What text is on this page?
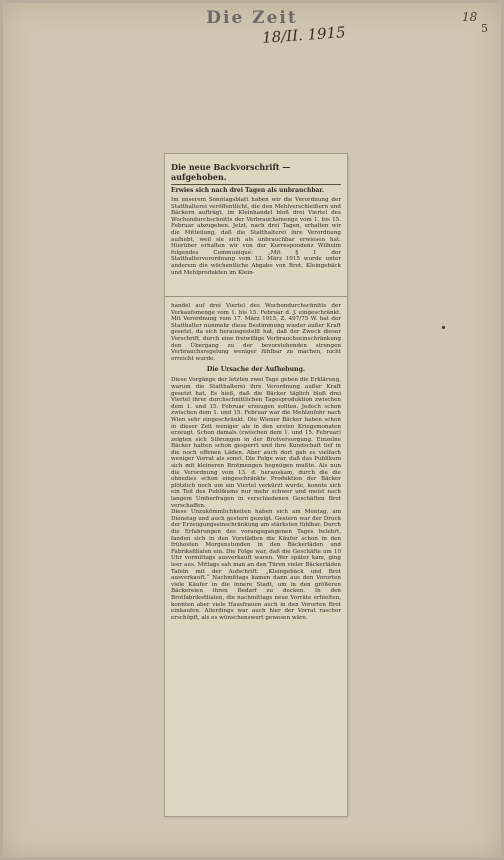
Die Zeit
18/II. 1915
18
5
Die neue Backvorschrift — aufgehoben.
Erwies sich nach drei Tagen als unbrauchbar.
Im unserem Sonntagsblatt haben wir die Verordnung der Statthalterei veröffentlicht, die den Mehlverschleißern und Bäckern aufträgt, im Kleinhandel bloß drei Viertel des Wochendurchschnitts der Verbrauchsmenge vom 1. bis 15. Februar abzugeben. Jetzt, nach drei Tagen, erhalten wir die Mitteilung, daß die Statthalterei ihre Verordnung aufhebt, weil sie sich als unbrauchbar erwiesen hat. Hierüber erhalten wir von der Korrespondenz Wilhelm folgendes Communiqué: „Mit § 1 der Statthalterverordnung vom 13. März 1915 wurde unter anderem die wöchentliche Abgabe von Brot, Kleingebäck und Mehlprodukten im Klein-
handel auf drei Viertel des Wochendurchschnitts der Verkaufsmenge vom 1. bis 15. Februar d. J. eingeschränkt. Mit Verordnung vom 17. März 1915, Z. 497/75 W. hat der Statthalter nunmehr diese Bestimmung wieder außer Kraft gesetzt, da sich herausgestellt hat, daß der Zweck dieser Vorschrift, durch eine freiwillige Verbrauchseinschränkung den Übergang zu der bevorstehenden strengen Verbrauchsregelung weniger fühlbar zu machen, nicht erreicht wurde.
Die Ursache der Aufhebung.
Diese Vorgänge der letzten zwei Tage geben die Erklärung, warum die Statthalterei ihre Verordnung außer Kraft gesetzt hat. Es hieß, daß die Bäcker täglich bloß drei Viertel ihrer durchschnittlichen Tagesproduktion zwischen dem 1. und 15. Februar erzeugen sollten. Jedoch schon zwischen dem 1. und 15. Februar war die Mehlzufuhr nach Wien sehr eingeschränkt. Die Wiener Bäcker haben schon in dieser Zeit weniger als in den ersten Kriegsmonaten erzeugt. Schon damals (zwischen dem 1. und 15. Februar) zeigten sich Störungen in der Brotversorgung. Einzelne Bäcker hatten schon gesperrt und ihre Kundschaft lief in die noch offenen Läden. Aber auch dort gab es vielfach weniger Vorrat als sonst. Die Folge war, daß das Publikum sich mit kleineren Brotmengen begnügen mußte. Als nun die Verordnung vom 13. d. herauskam, durch die die ohnedies schon eingeschränkte Produktion der Bäcker plötzlich noch um ein Viertel verkürzt wurde, konnte sich ein Teil des Publikums nur mehr schwer und meist nach langem Umherfragen in verschiedenen Geschäften Brot verschaffen.
Diese Unzukömmlichkeiten haben sich am Montag, am Dienstag und auch gestern gezeigt. Gestern war der Druck der Erzeugungseinschränkung am stärksten fühlbar. Durch die Erfahrungen des vorangegangenen Tages belehrt, fanden sich in den Vorstädten die Käufer schon in den frühesten Morgenstunden in den Bäckerläden und Fabriksfilialen ein. Die Folge war, daß die Geschäfte um 10 Uhr vormittags ausverkauft waren. Wer später kam, ging leer aus. Mittags sah man an den Türen vieler Bäckerläden Tafeln mit der Aufschrift: „Kleingebäck und Brot ausverkauft.“ Nachmittags kamen dann aus den Vororten viele Käufer in die innere Stadt, um in den größeren Bäckereien ihren Bedarf zu decken. In den Brotfabriksfilialen, die nachmittags neue Vorräte erhielten, konnten aber viele Hausfrauen auch in den Vororten Brot einkaufen. Allerdings war auch hier der Vorrat rascher erschöpft, als es wünschenswert gewesen wäre.
